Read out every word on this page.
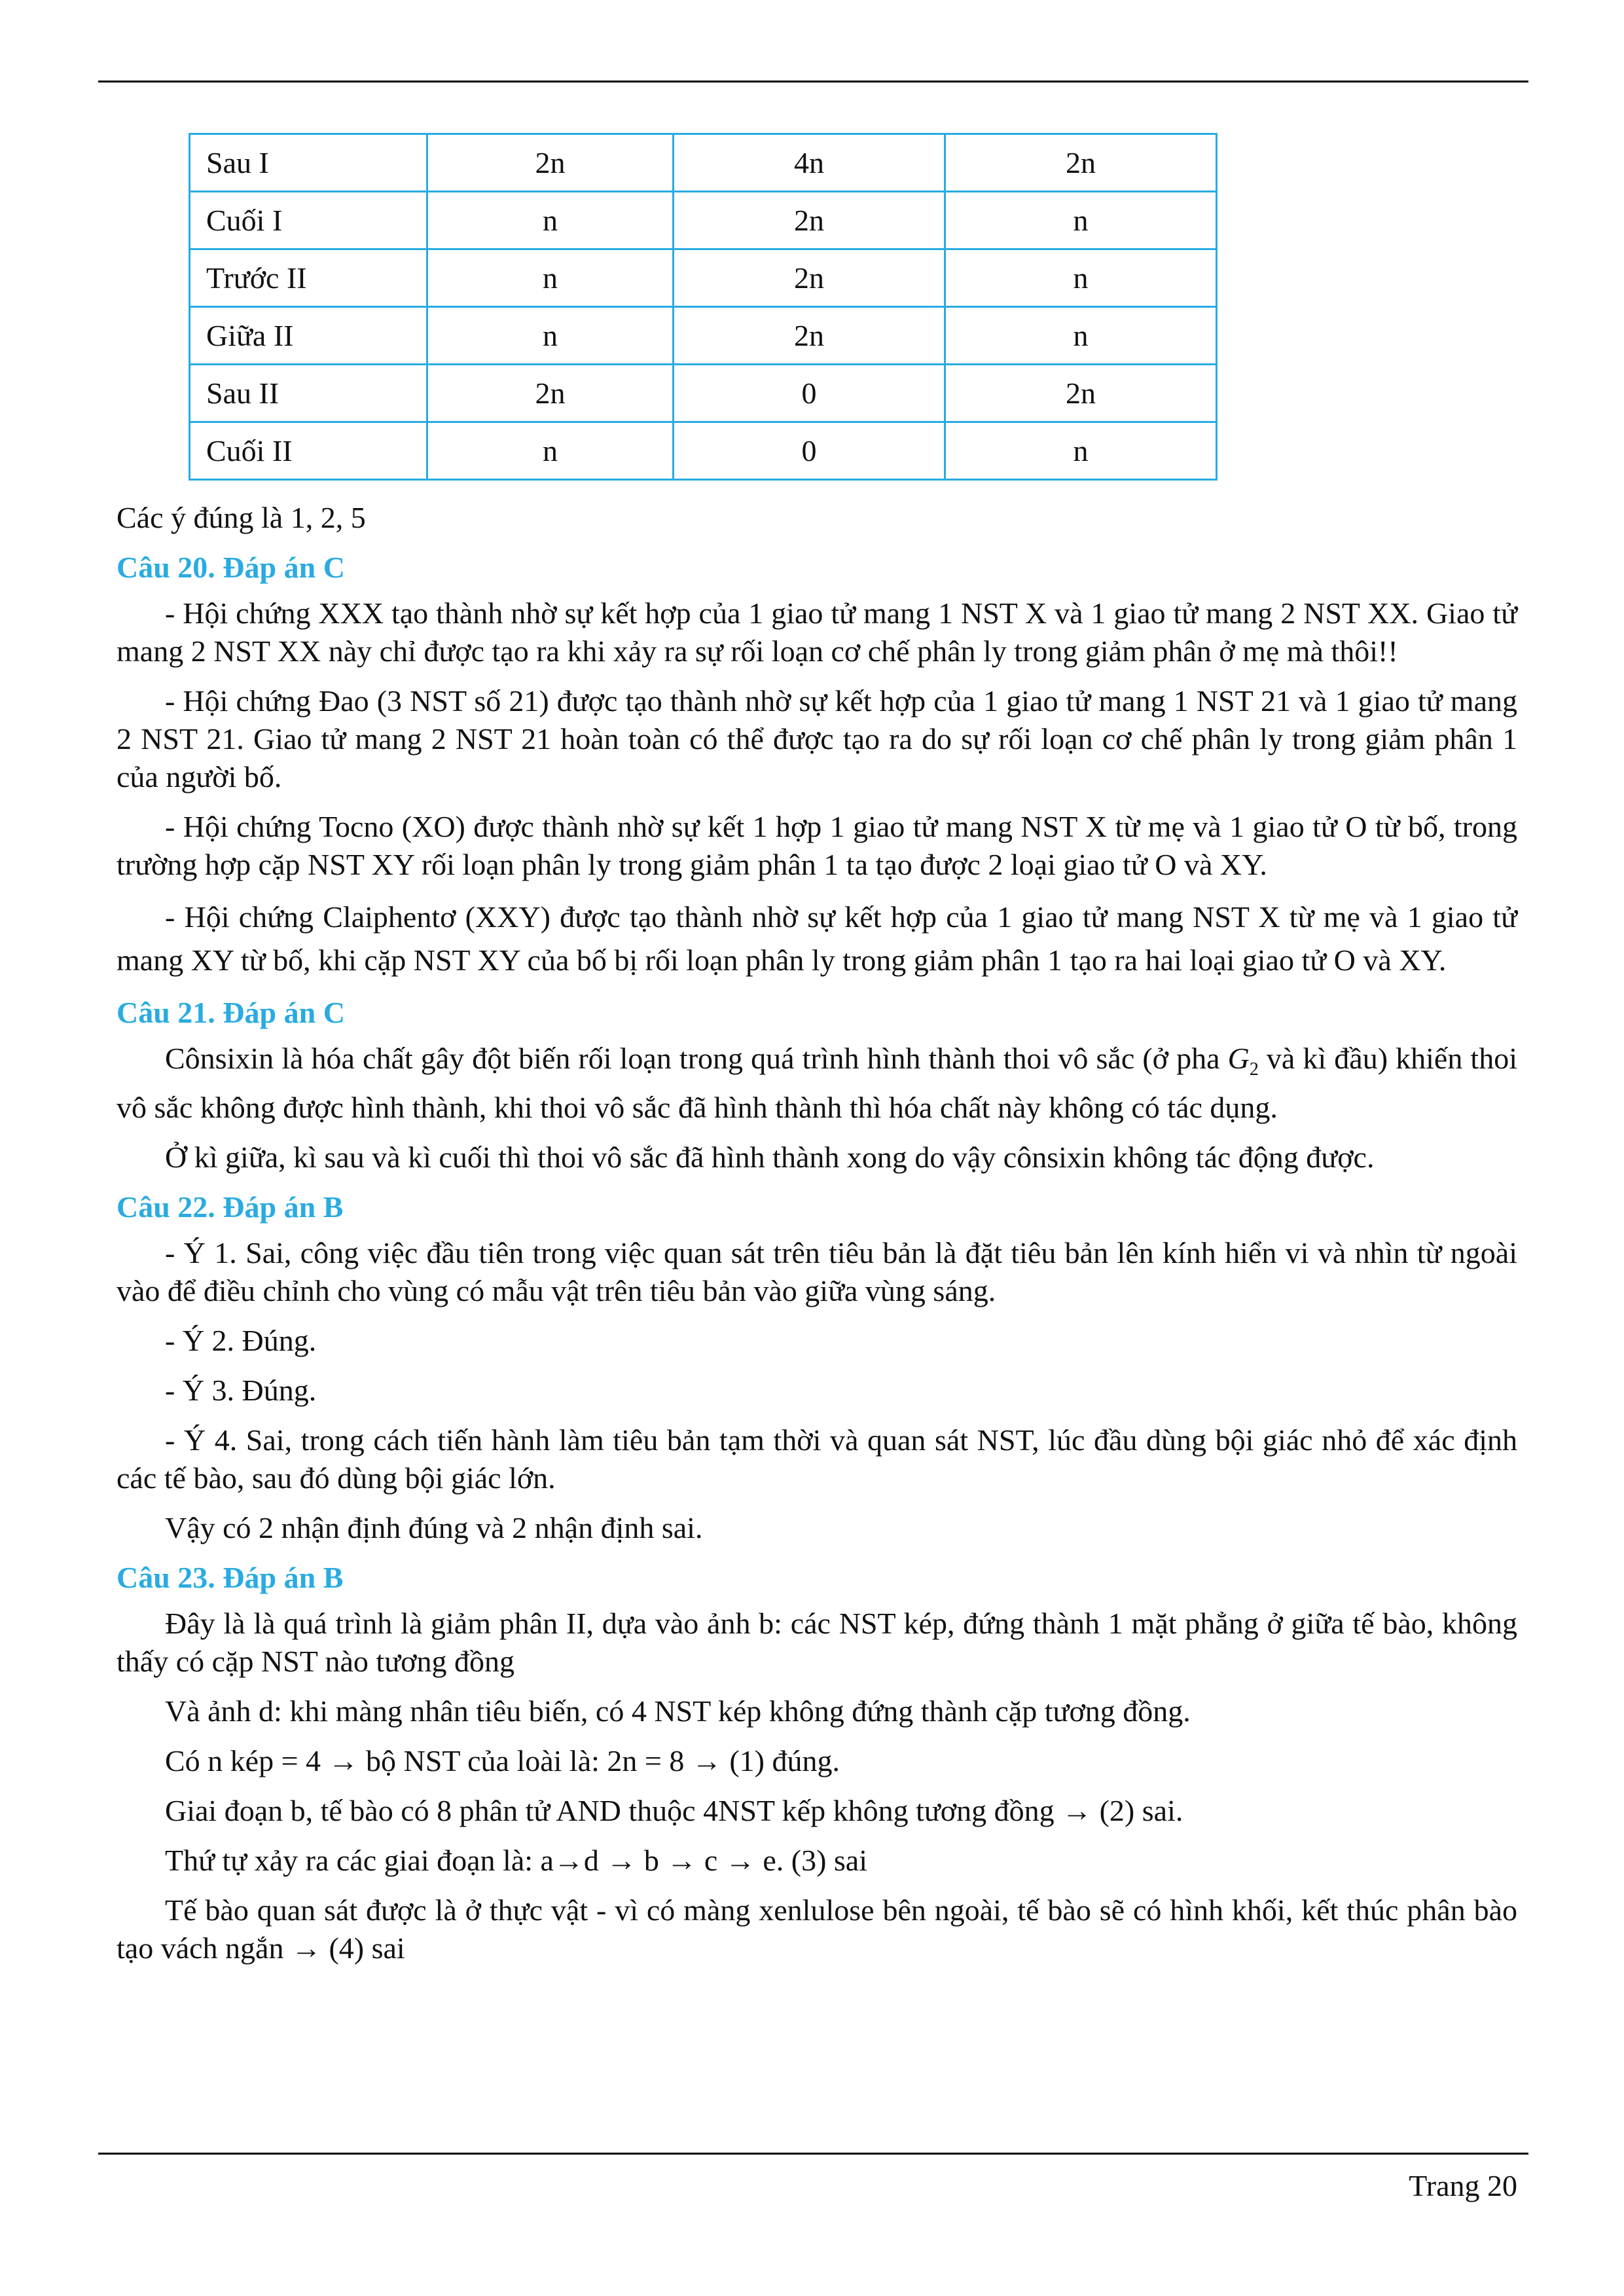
Sau I	2n	4n	2n
Cuối I	n	2n	n
Trước II	n	2n	n
Giữa II	n	2n	n
Sau II	2n	0	2n
Cuối II	n	0	n

Các ý đúng là 1, 2, 5

Câu 20. Đáp án C

- Hội chứng XXX tạo thành nhờ sự kết hợp của 1 giao tử mang 1 NST X và 1 giao tử mang 2 NST XX. Giao tử mang 2 NST XX này chỉ được tạo ra khi xảy ra sự rối loạn cơ chế phân ly trong giảm phân ở mẹ mà thôi!!

- Hội chứng Đao (3 NST số 21) được tạo thành nhờ sự kết hợp của 1 giao tử mang 1 NST 21 và 1 giao tử mang 2 NST 21. Giao tử mang 2 NST 21 hoàn toàn có thể được tạo ra do sự rối loạn cơ chế phân ly trong giảm phân 1 của người bố.

- Hội chứng Tocno (XO) được thành nhờ sự kết 1 hợp 1 giao tử mang NST X từ mẹ và 1 giao tử O từ bố, trong trường hợp cặp NST XY rối loạn phân ly trong giảm phân 1 ta tạo được 2 loại giao tử O và XY.

- Hội chứng Claiphentơ (XXY) được tạo thành nhờ sự kết hợp của 1 giao tử mang NST X từ mẹ và 1 giao tử mang XY từ bố, khi cặp NST XY của bố bị rối loạn phân ly trong giảm phân 1 tạo ra hai loại giao tử O và XY.

Câu 21. Đáp án C

Cônsixin là hóa chất gây đột biến rối loạn trong quá trình hình thành thoi vô sắc (ở pha $G_2$ và kì đầu) khiến thoi vô sắc không được hình thành, khi thoi vô sắc đã hình thành thì hóa chất này không có tác dụng.

Ở kì giữa, kì sau và kì cuối thì thoi vô sắc đã hình thành xong do vậy cônsixin không tác động được.

Câu 22. Đáp án B

- Ý 1. Sai, công việc đầu tiên trong việc quan sát trên tiêu bản là đặt tiêu bản lên kính hiển vi và nhìn từ ngoài vào để điều chỉnh cho vùng có mẫu vật trên tiêu bản vào giữa vùng sáng.

- Ý 2. Đúng.

- Ý 3. Đúng.

- Ý 4. Sai, trong cách tiến hành làm tiêu bản tạm thời và quan sát NST, lúc đầu dùng bội giác nhỏ để xác định các tế bào, sau đó dùng bội giác lớn.

Vậy có 2 nhận định đúng và 2 nhận định sai.

Câu 23. Đáp án B

Đây là là quá trình là giảm phân II, dựa vào ảnh b: các NST kép, đứng thành 1 mặt phẳng ở giữa tế bào, không thấy có cặp NST nào tương đồng

Và ảnh d: khi màng nhân tiêu biến, có 4 NST kép không đứng thành cặp tương đồng.

Có n kép = 4 → bộ NST của loài là: 2n = 8 → (1) đúng.

Giai đoạn b, tế bào có 8 phân tử AND thuộc 4NST kếp không tương đồng → (2) sai.

Thứ tự xảy ra các giai đoạn là: a→d → b → c → e. (3) sai

Tế bào quan sát được là ở thực vật - vì có màng xenlulose bên ngoài, tế bào sẽ có hình khối, kết thúc phân bào tạo vách ngắn → (4) sai

Trang 20
